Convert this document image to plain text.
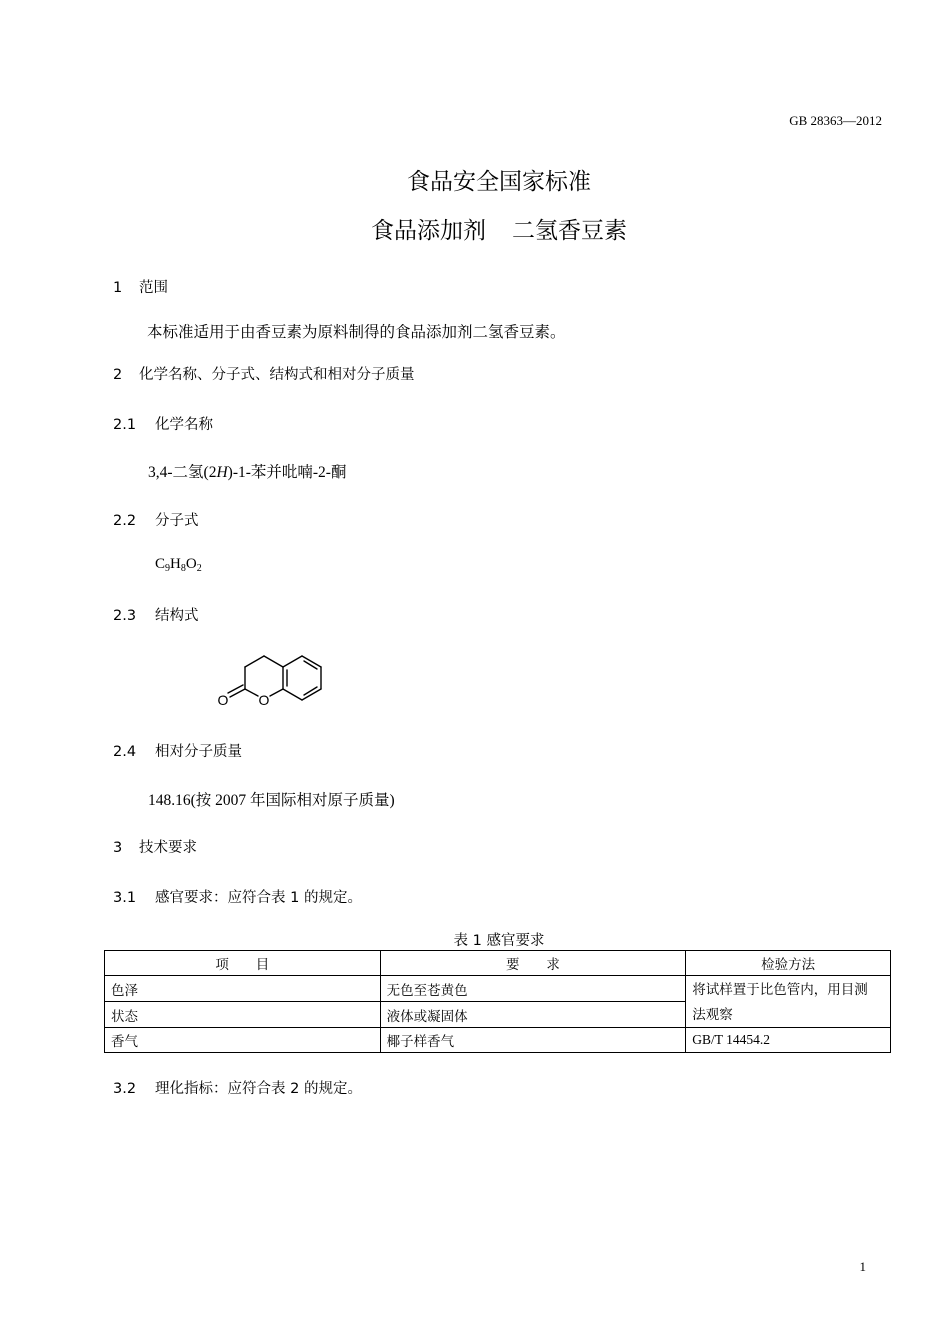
GB 28363—2012
食品安全国家标准
食品添加剂 二氢香豆素
1 范围
本标准适用于由香豆素为原料制得的食品添加剂二氢香豆素。
2 化学名称、分子式、结构式和相对分子质量
2.1 化学名称
3,4-二氢(2H)-1-苯并吡喃-2-酮
2.2 分子式
$C_9H_8O_2$
2.3 结构式
O
O
2.4 相对分子质量
148.16(按 2007 年国际相对原子质量)
3 技术要求
3.1 感官要求：应符合表 1 的规定。
表 1 感官要求
项　　目	要　　求	检验方法
色泽	无色至苍黄色	将试样置于比色管内，用目测
法观察

状态	液体或凝固体	
香气	椰子样香气	GB/T 14454.2
3.2 理化指标：应符合表 2 的规定。
1
